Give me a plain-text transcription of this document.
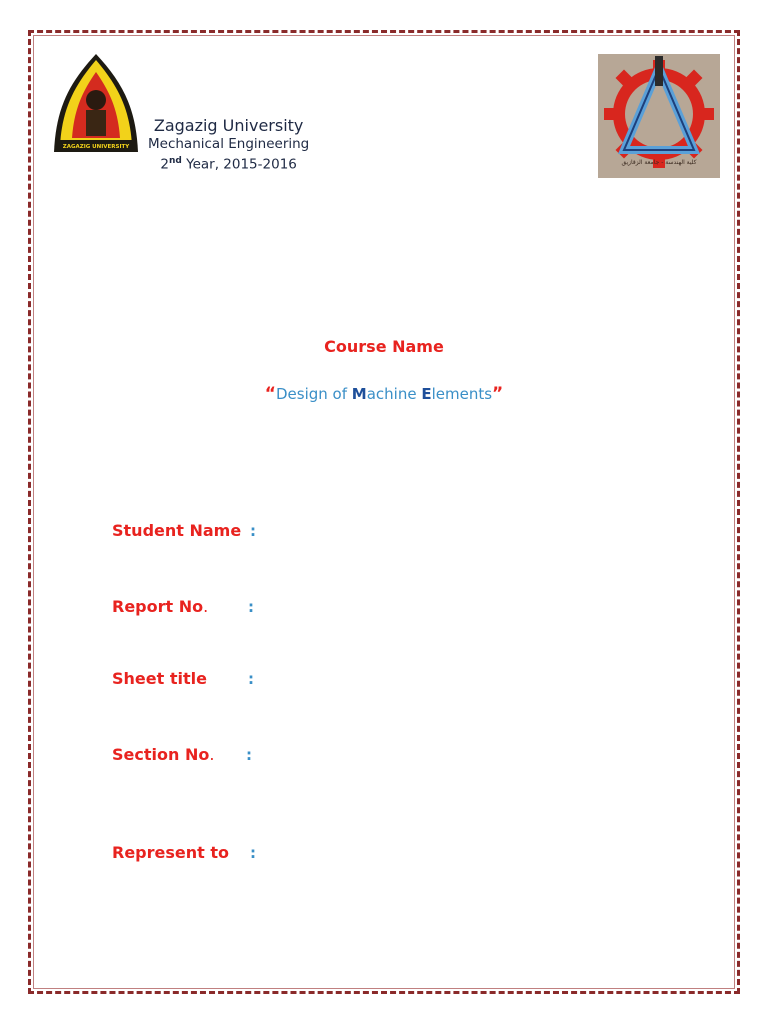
ZAGAZIG UNIVERSITY
كلية الهندسة - جامعة الزقازيق
Zagazig University
Mechanical Engineering
2nd Year, 2015-2016
Course Name
“Design of Machine Elements”
Student Name :
Report No.	:
Sheet title	:
Section No. :
Represent to :
